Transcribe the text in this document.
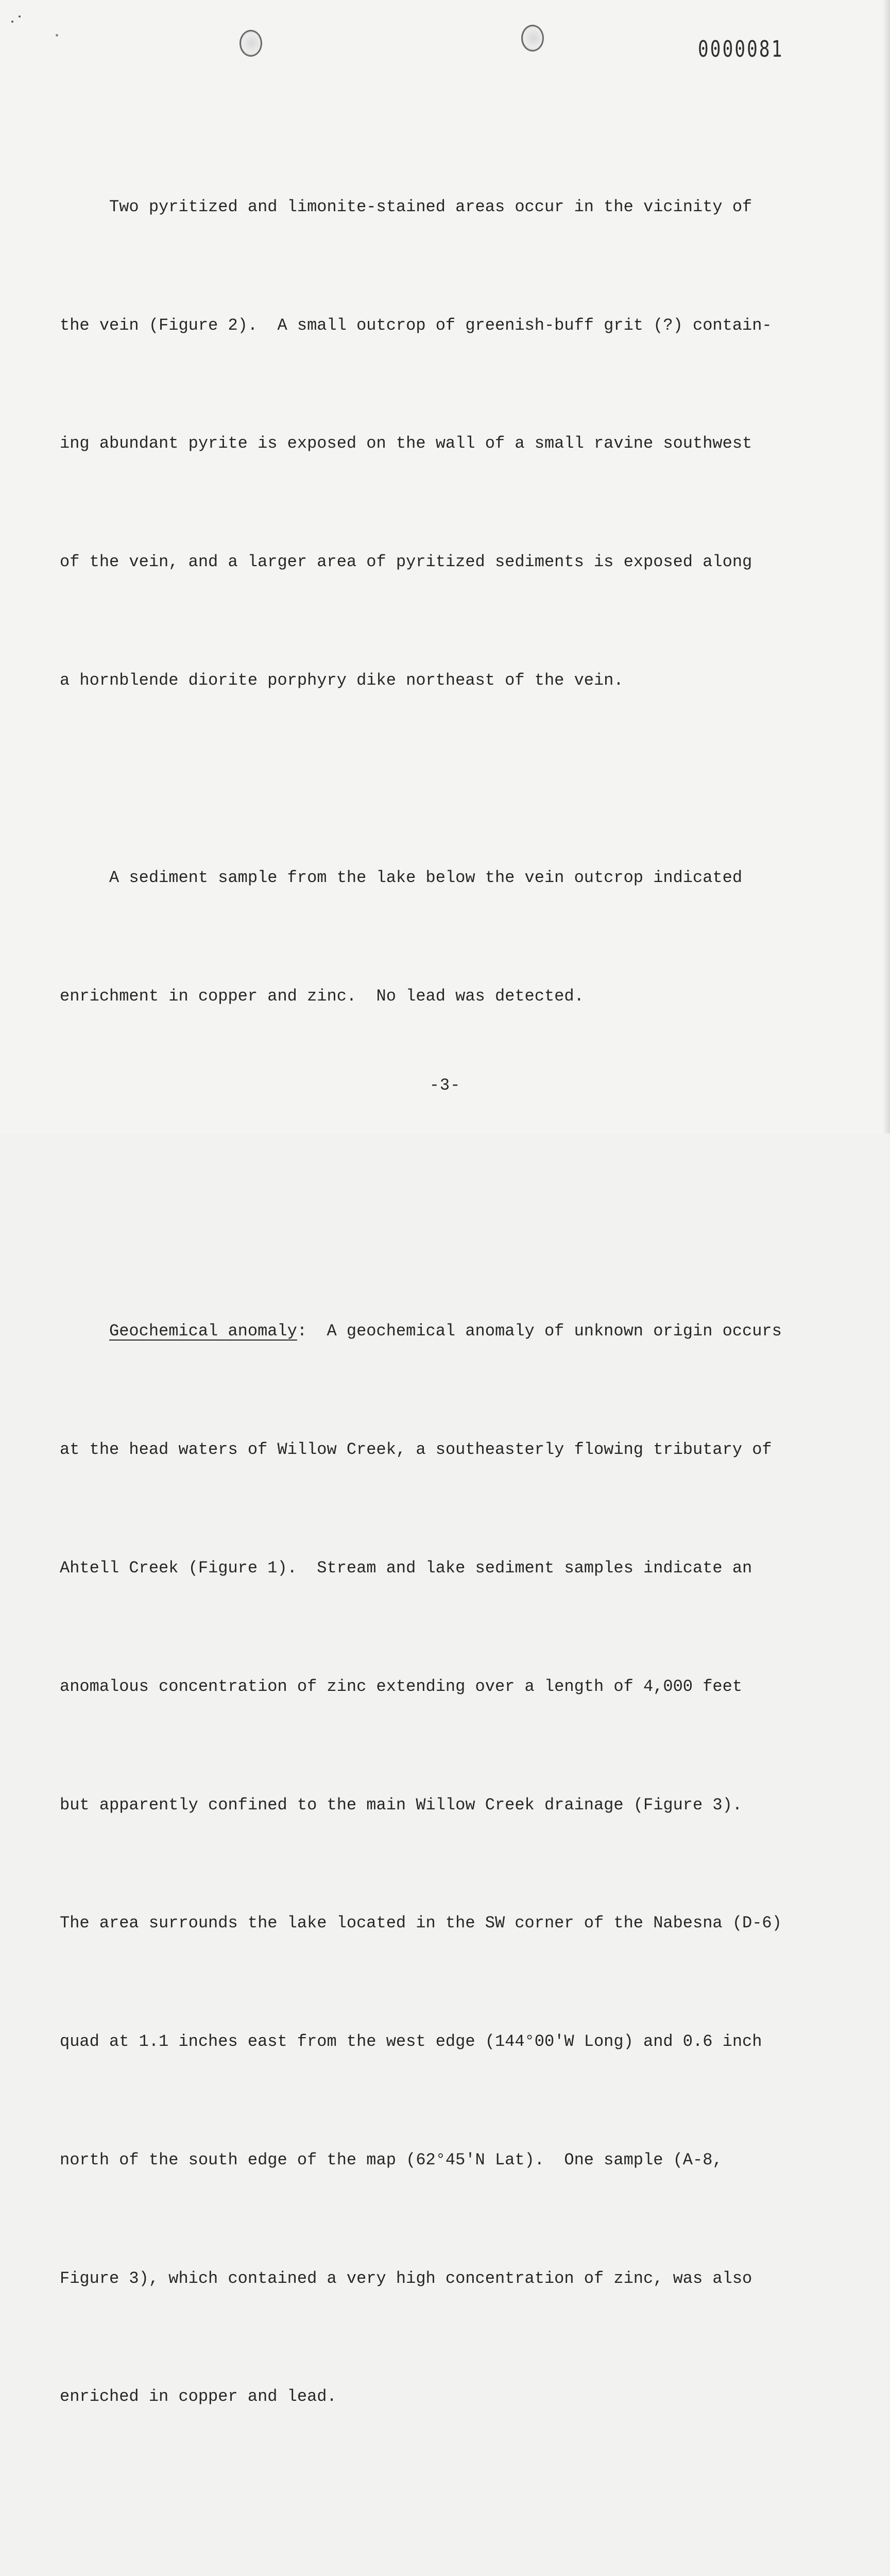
0000081

Two pyritized and limonite-stained areas occur in the vicinity of

the vein (Figure 2).  A small outcrop of greenish-buff grit (?) contain-

ing abundant pyrite is exposed on the wall of a small ravine southwest

of the vein, and a larger area of pyritized sediments is exposed along

a hornblende diorite porphyry dike northeast of the vein.

A sediment sample from the lake below the vein outcrop indicated

enrichment in copper and zinc.  No lead was detected.

Geochemical anomaly:  A geochemical anomaly of unknown origin occurs

at the head waters of Willow Creek, a southeasterly flowing tributary of

Ahtell Creek (Figure 1).  Stream and lake sediment samples indicate an

anomalous concentration of zinc extending over a length of 4,000 feet

but apparently confined to the main Willow Creek drainage (Figure 3).

The area surrounds the lake located in the SW corner of the Nabesna (D-6)

quad at 1.1 inches east from the west edge (144°00'W Long) and 0.6 inch

north of the south edge of the map (62°45'N Lat).  One sample (A-8,

Figure 3), which contained a very high concentration of zinc, was also

enriched in copper and lead.

-3-
